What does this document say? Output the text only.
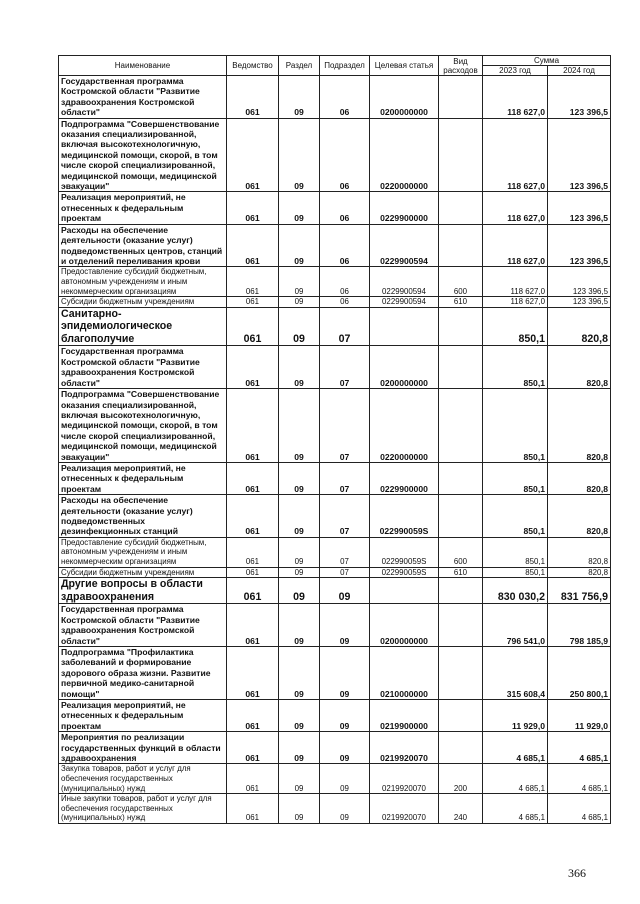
Наименование	Ведомство	Раздел	Подраздел	Целевая статья	Вид расходов	Сумма	
						2023 год	2024 год
Государственная программа Костромской области "Развитие здравоохранения Костромской области"	061	09	06	0200000000		118 627,0	123 396,5
Подпрограмма "Совершенствование оказания специализированной, включая высокотехнологичную, медицинской помощи, скорой, в том числе скорой специализированной, медицинской помощи, медицинской эвакуации"	061	09	06	0220000000		118 627,0	123 396,5
Реализация мероприятий, не отнесенных к федеральным проектам	061	09	06	0229900000		118 627,0	123 396,5
Расходы на обеспечение деятельности (оказание услуг) подведомственных центров, станций и отделений переливания крови	061	09	06	0229900594		118 627,0	123 396,5
Предоставление субсидий бюджетным, автономным учреждениям и иным некоммерческим организациям	061	09	06	0229900594	600	118 627,0	123 396,5
Субсидии бюджетным учреждениям	061	09	06	0229900594	610	118 627,0	123 396,5
Санитарно-эпидемиологическое благополучие	061	09	07			850,1	820,8
Государственная программа Костромской области "Развитие здравоохранения Костромской области"	061	09	07	0200000000		850,1	820,8
Подпрограмма "Совершенствование оказания специализированной, включая высокотехнологичную, медицинской помощи, скорой, в том числе скорой специализированной, медицинской помощи, медицинской эвакуации"	061	09	07	0220000000		850,1	820,8
Реализация мероприятий, не отнесенных к федеральным проектам	061	09	07	0229900000		850,1	820,8
Расходы на обеспечение деятельности (оказание услуг) подведомственных дезинфекционных станций	061	09	07	022990059S		850,1	820,8
Предоставление субсидий бюджетным, автономным учреждениям и иным некоммерческим организациям	061	09	07	022990059S	600	850,1	820,8
Субсидии бюджетным учреждениям	061	09	07	022990059S	610	850,1	820,8
Другие вопросы в области здравоохранения	061	09	09			830 030,2	831 756,9
Государственная программа Костромской области "Развитие здравоохранения Костромской области"	061	09	09	0200000000		796 541,0	798 185,9
Подпрограмма "Профилактика заболеваний и формирование здорового образа жизни. Развитие первичной медико-санитарной помощи"	061	09	09	0210000000		315 608,4	250 800,1
Реализация мероприятий, не отнесенных к федеральным проектам	061	09	09	0219900000		11 929,0	11 929,0
Мероприятия по реализации государственных функций в области здравоохранения	061	09	09	0219920070		4 685,1	4 685,1
Закупка товаров, работ и услуг для обеспечения государственных (муниципальных) нужд	061	09	09	0219920070	200	4 685,1	4 685,1
Иные закупки товаров, работ и услуг для обеспечения государственных (муниципальных) нужд	061	09	09	0219920070	240	4 685,1	4 685,1
366
